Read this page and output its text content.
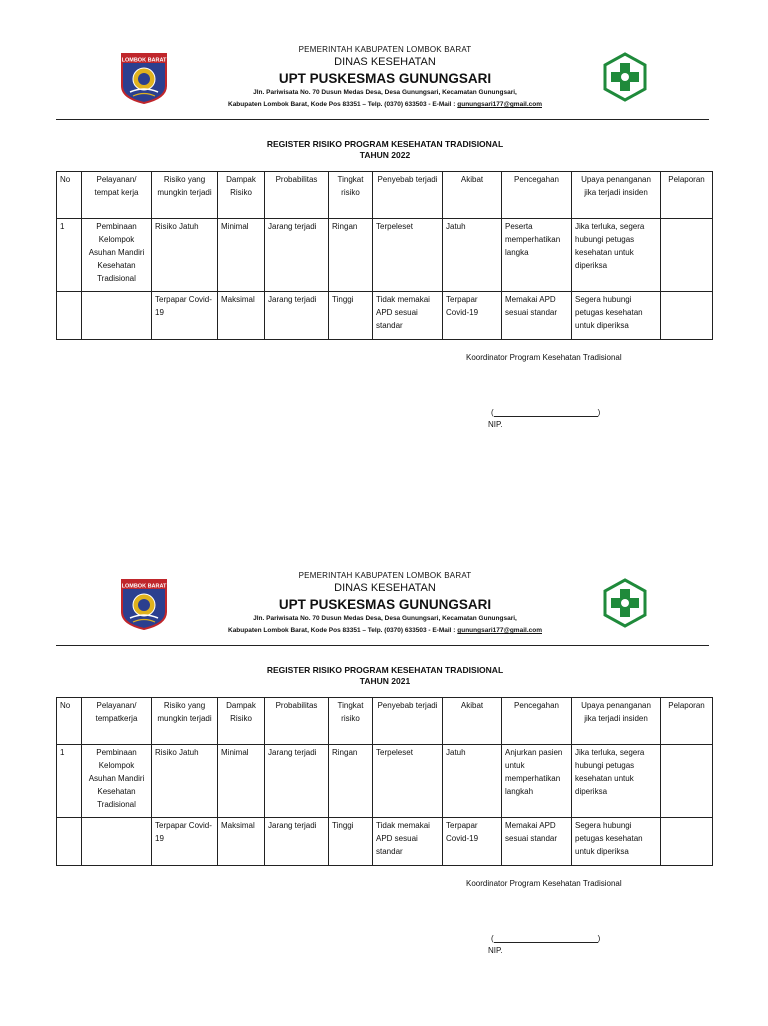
LOMBOK BARAT
PEMERINTAH KABUPATEN LOMBOK BARAT
DINAS KESEHATAN
UPT PUSKESMAS GUNUNGSARI
Jln. Pariwisata No. 70 Dusun Medas Desa, Desa Gunungsari, Kecamatan Gunungsari,
Kabupaten Lombok Barat, Kode Pos 83351 – Telp. (0370) 633503 - E-Mail : gunungsari177@gmail.com
REGISTER RISIKO PROGRAM KESEHATAN TRADISIONAL
TAHUN 2022
No	Pelayanan/ tempat kerja	Risiko yang mungkin terjadi	Dampak Risiko	Probabilitas	Tingkat risiko	Penyebab terjadi	Akibat	Pencegahan	Upaya penanganan jika terjadi insiden	Pelaporan
1	Pembinaan Kelompok Asuhan Mandiri Kesehatan Tradisional	Risiko Jatuh	Minimal	Jarang terjadi	Ringan	Terpeleset	Jatuh	Peserta memperhatikan langka	Jika terluka, segera hubungi petugas kesehatan untuk diperiksa	
		Terpapar Covid-19	Maksimal	Jarang terjadi	Tinggi	Tidak memakai APD sesuai standar	Terpapar Covid-19	Memakai APD sesuai standar	Segera hubungi petugas kesehatan untuk diperiksa	
Koordinator Program Kesehatan Tradisional
(	)
NIP.
LOMBOK BARAT
PEMERINTAH KABUPATEN LOMBOK BARAT
DINAS KESEHATAN
UPT PUSKESMAS GUNUNGSARI
Jln. Pariwisata No. 70 Dusun Medas Desa, Desa Gunungsari, Kecamatan Gunungsari,
Kabupaten Lombok Barat, Kode Pos 83351 – Telp. (0370) 633503 - E-Mail : gunungsari177@gmail.com
REGISTER RISIKO PROGRAM KESEHATAN TRADISIONAL
TAHUN 2021
No	Pelayanan/ tempatkerja	Risiko yang mungkin terjadi	Dampak Risiko	Probabilitas	Tingkat risiko	Penyebab terjadi	Akibat	Pencegahan	Upaya penanganan jika terjadi insiden	Pelaporan
1	Pembinaan Kelompok Asuhan Mandiri Kesehatan Tradisional	Risiko Jatuh	Minimal	Jarang terjadi	Ringan	Terpeleset	Jatuh	Anjurkan pasien untuk memperhatikan langkah	Jika terluka, segera hubungi petugas kesehatan untuk diperiksa	
		Terpapar Covid-19	Maksimal	Jarang terjadi	Tinggi	Tidak memakai APD sesuai standar	Terpapar Covid-19	Memakai APD sesuai standar	Segera hubungi petugas kesehatan untuk diperiksa	
Koordinator Program Kesehatan Tradisional
(	)
NIP.
